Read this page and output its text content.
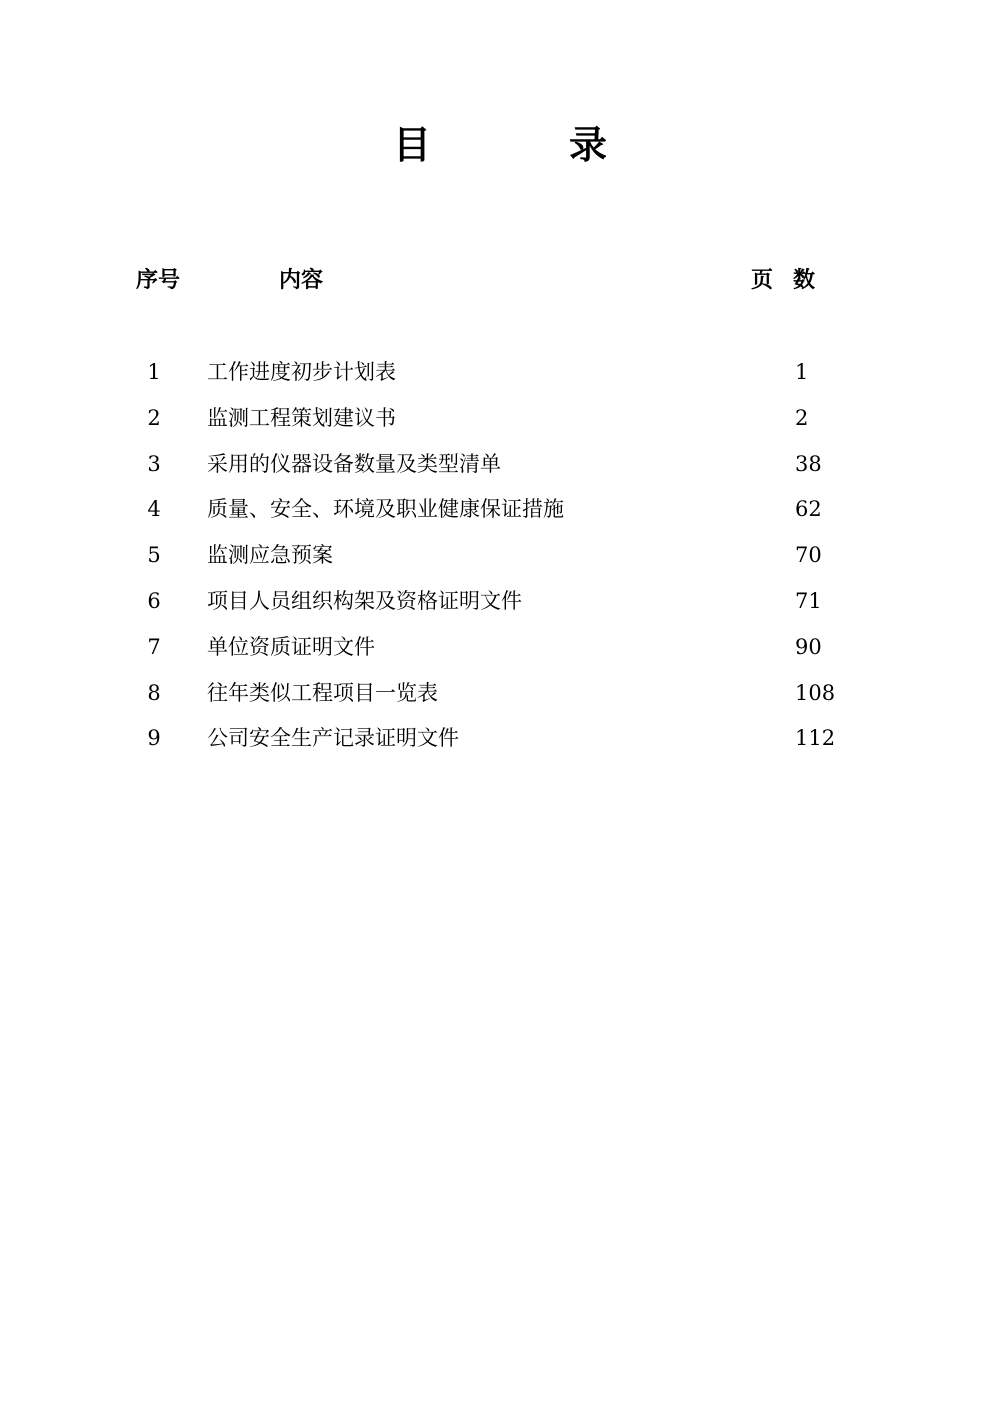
目　录
序号	内容	页数
1 工作进度初步计划表	1
2 监测工程策划建议书	2
3 采用的仪器设备数量及类型清单	38
4 质量、安全、环境及职业健康保证措施	62
5 监测应急预案	70
6 项目人员组织构架及资格证明文件	71
7 单位资质证明文件	90
8 往年类似工程项目一览表	108
9 公司安全生产记录证明文件	112
